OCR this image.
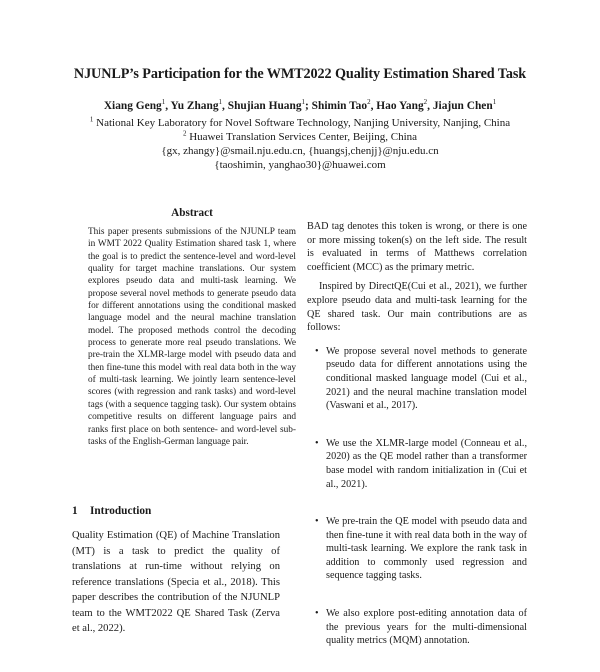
NJUNLP’s Participation for the WMT2022 Quality Estimation Shared Task
Xiang Geng$^1$, Yu Zhang$^1$, Shujian Huang$^1$; Shimin Tao$^2$, Hao Yang$^2$, Jiajun Chen$^1$
$^1$ National Key Laboratory for Novel Software Technology, Nanjing University, Nanjing, China
$^2$ Huawei Translation Services Center, Beijing, China
{gx, zhangy}@smail.nju.edu.cn, {huangsj,chenjj}@nju.edu.cn
{taoshimin, yanghao30}@huawei.com
Abstract
This paper presents submissions of the NJUNLP team in WMT 2022 Quality Estimation shared task 1, where the goal is to predict the sentence-level and word-level quality for target machine translations. Our system explores pseudo data and multi-task learning. We propose several novel methods to generate pseudo data for different annotations using the conditional masked language model and the neural machine translation model. The proposed methods control the decoding process to generate more real pseudo translations. We pre-train the XLMR-large model with pseudo data and then fine-tune this model with real data both in the way of multi-task learning. We jointly learn sentence-level scores (with regression and rank tasks) and word-level tags (with a sequence tagging task). Our system obtains competitive results on different language pairs and ranks first place on both sentence- and word-level sub-tasks of the English-German language pair.
1 Introduction
Quality Estimation (QE) of Machine Translation (MT) is a task to predict the quality of translations at run-time without relying on reference translations (Specia et al., 2018). This paper describes the contribution of the NJUNLP team to the WMT2022 QE Shared Task (Zerva et al., 2022).

BAD tag denotes this token is wrong, or there is one or more missing token(s) on the left side. The result is evaluated in terms of Matthews correlation coefficient (MCC) as the primary metric.

Inspired by DirectQE(Cui et al., 2021), we further explore pseudo data and multi-task learning for the QE shared task. Our main contributions are as follows:

• We propose several novel methods to generate pseudo data for different annotations using the conditional masked language model (Cui et al., 2021) and the neural machine translation model (Vaswani et al., 2017).
• We use the XLMR-large model (Conneau et al., 2020) as the QE model rather than a transformer base model with random initialization in (Cui et al., 2021).
• We pre-train the QE model with pseudo data and then fine-tune it with real data both in the way of multi-task learning. We explore the rank task in addition to commonly used regression and sequence tagging tasks.
• We also explore post-editing annotation data of the previous years for the multi-dimensional quality metrics (MQM) annotation.
